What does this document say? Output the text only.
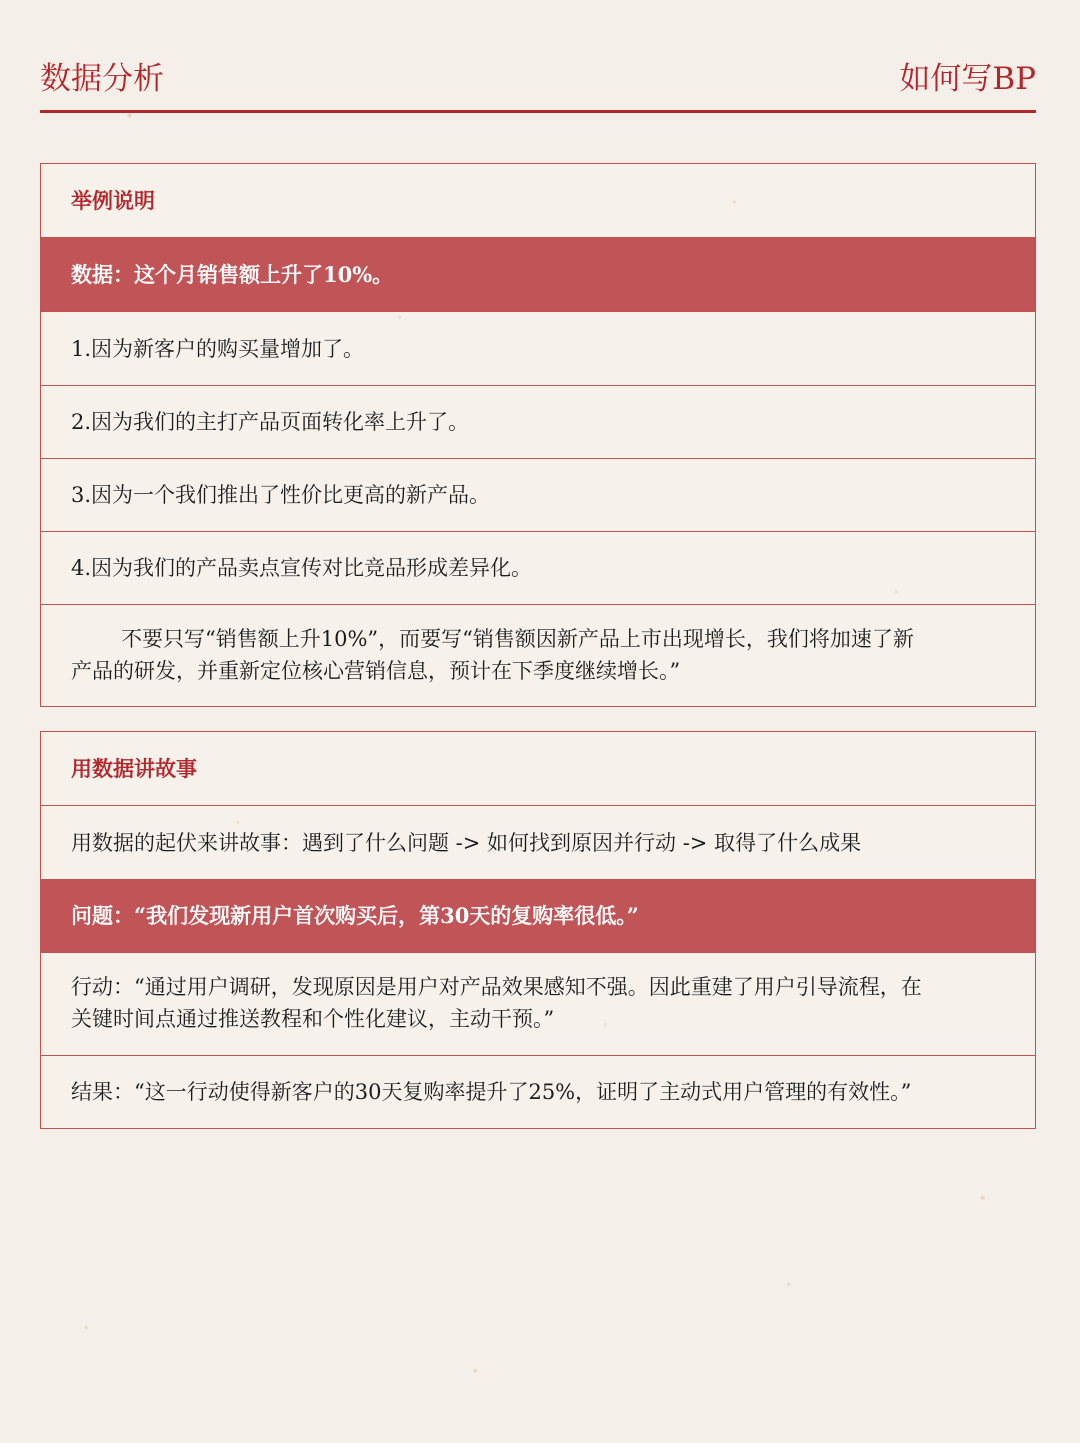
数据分析	如何写BP
举例说明
数据：这个月销售额上升了10%。
1.因为新客户的购买量增加了。
2.因为我们的主打产品页面转化率上升了。
3.因为一个我们推出了性价比更高的新产品。
4.因为我们的产品卖点宣传对比竞品形成差异化。
不要只写“销售额上升10%”，而要写“销售额因新产品上市出现增长，我们将加速了新
产品的研发，并重新定位核心营销信息，预计在下季度继续增长。”
用数据讲故事
用数据的起伏来讲故事：遇到了什么问题 -> 如何找到原因并行动 -> 取得了什么成果
问题：“我们发现新用户首次购买后，第30天的复购率很低。”
行动：“通过用户调研，发现原因是用户对产品效果感知不强。因此重建了用户引导流程，在
关键时间点通过推送教程和个性化建议，主动干预。”
结果：“这一行动使得新客户的30天复购率提升了25%，证明了主动式用户管理的有效性。”
